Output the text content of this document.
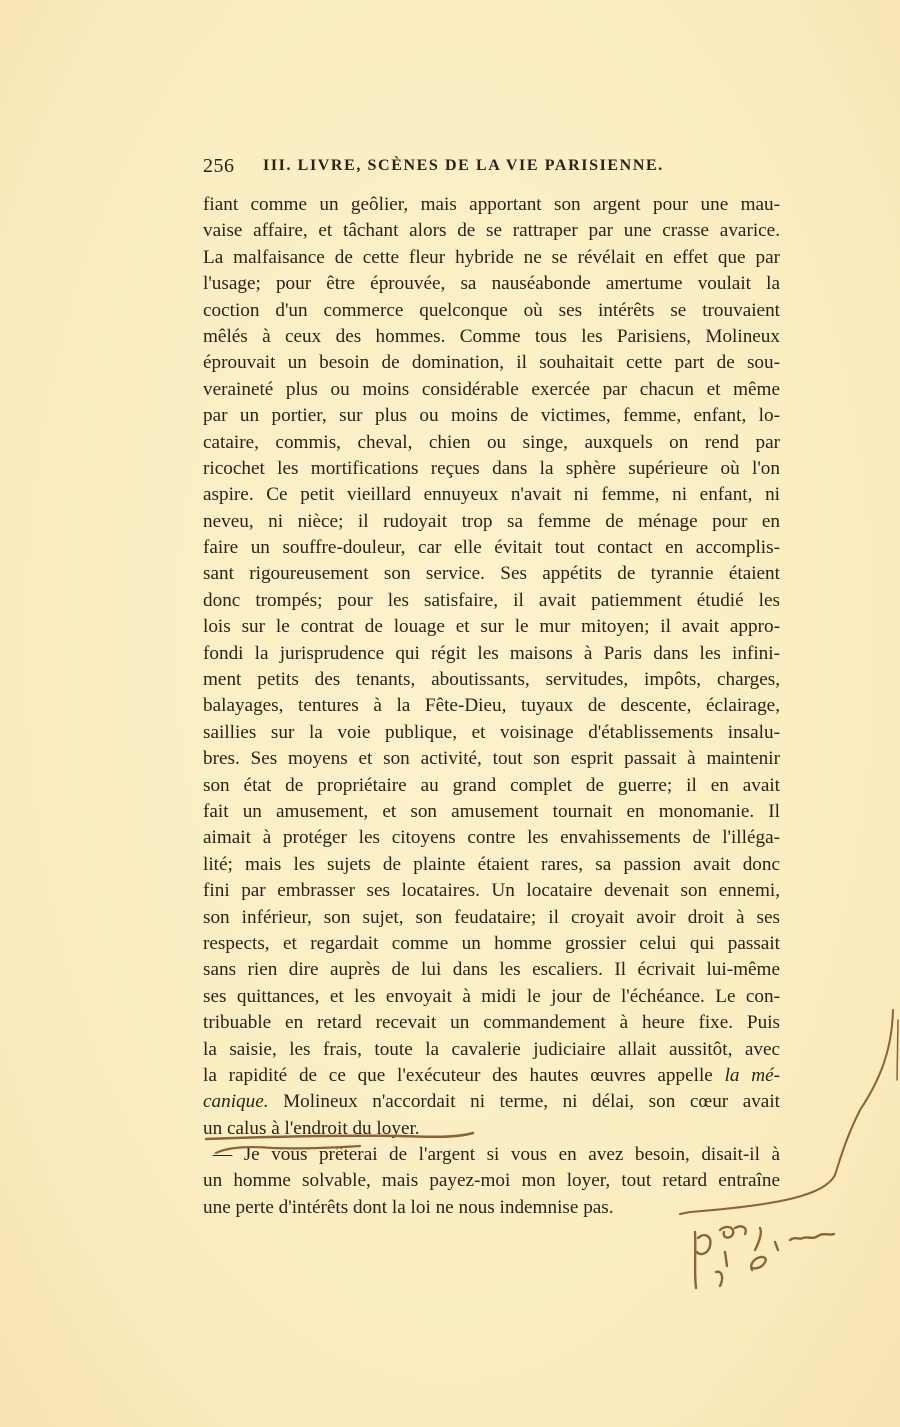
256 III. LIVRE, SCÈNES DE LA VIE PARISIENNE.
fiant comme un geôlier, mais apportant son argent pour une mau-
vaise affaire, et tâchant alors de se rattraper par une crasse avarice.
La malfaisance de cette fleur hybride ne se révélait en effet que par
l'usage; pour être éprouvée, sa nauséabonde amertume voulait la
coction d'un commerce quelconque où ses intérêts se trouvaient
mêlés à ceux des hommes. Comme tous les Parisiens, Molineux
éprouvait un besoin de domination, il souhaitait cette part de sou-
veraineté plus ou moins considérable exercée par chacun et même
par un portier, sur plus ou moins de victimes, femme, enfant, lo-
cataire, commis, cheval, chien ou singe, auxquels on rend par
ricochet les mortifications reçues dans la sphère supérieure où l'on
aspire. Ce petit vieillard ennuyeux n'avait ni femme, ni enfant, ni
neveu, ni nièce; il rudoyait trop sa femme de ménage pour en
faire un souffre-douleur, car elle évitait tout contact en accomplis-
sant rigoureusement son service. Ses appétits de tyrannie étaient
donc trompés; pour les satisfaire, il avait patiemment étudié les
lois sur le contrat de louage et sur le mur mitoyen; il avait appro-
fondi la jurisprudence qui régit les maisons à Paris dans les infini-
ment petits des tenants, aboutissants, servitudes, impôts, charges,
balayages, tentures à la Fête-Dieu, tuyaux de descente, éclairage,
saillies sur la voie publique, et voisinage d'établissements insalu-
bres. Ses moyens et son activité, tout son esprit passait à maintenir
son état de propriétaire au grand complet de guerre; il en avait
fait un amusement, et son amusement tournait en monomanie. Il
aimait à protéger les citoyens contre les envahissements de l'illéga-
lité; mais les sujets de plainte étaient rares, sa passion avait donc
fini par embrasser ses locataires. Un locataire devenait son ennemi,
son inférieur, son sujet, son feudataire; il croyait avoir droit à ses
respects, et regardait comme un homme grossier celui qui passait
sans rien dire auprès de lui dans les escaliers. Il écrivait lui-même
ses quittances, et les envoyait à midi le jour de l'échéance. Le con-
tribuable en retard recevait un commandement à heure fixe. Puis
la saisie, les frais, toute la cavalerie judiciaire allait aussitôt, avec
la rapidité de ce que l'exécuteur des hautes œuvres appelle la mé-
canique. Molineux n'accordait ni terme, ni délai, son cœur avait
un calus à l'endroit du loyer.
— Je vous prêterai de l'argent si vous en avez besoin, disait-il à
un homme solvable, mais payez-moi mon loyer, tout retard entraîne
une perte d'intérêts dont la loi ne nous indemnise pas.
